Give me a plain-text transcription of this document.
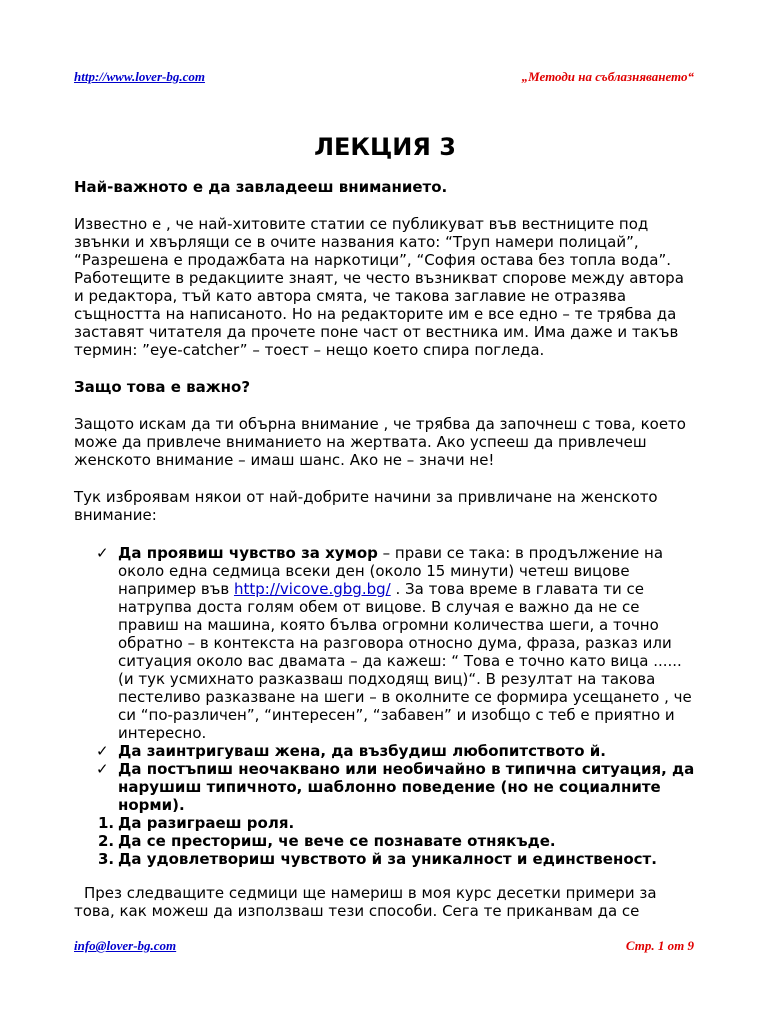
http://www.lover-bg.com	„Методи на съблазняването“
ЛЕКЦИЯ 3

Най-важното е да завладееш вниманието.

Известно е , че най-хитовите статии се публикуват във вестниците под звънки и хвърлящи се в очите названия като: “Труп намери полицай”, “Разрешена е продажбата на наркотици”, “София остава без топла вода”. Работещите в редакциите знаят, че често възникват спорове между автора и редактора, тъй като автора смята, че такова заглавие не отразява същността на написаното. Но на редакторите им е все едно – те трябва да заставят читателя да прочете поне част от вестника им. Има даже и такъв термин: ”eye-catcher” – тоест – нещо което спира погледа.

Защо това е важно?

Защото искам да ти обърна внимание , че трябва да започнеш с това, което може да привлече вниманието на жертвата. Ако успееш да привлечеш женското внимание – имаш шанс. Ако не – значи не!

Тук изброявам някои от най-добрите начини за привличане на женското внимание:

✓ Да проявиш чувство за хумор – прави се така: в продължение на около една седмица всеки ден (около 15 минути) четеш вицове например във http://vicove.gbg.bg/ . За това време в главата ти се натрупва доста голям обем от вицове. В случая е важно да не се правиш на машина, която бълва огромни количества шеги, а точно обратно – в контекста на разговора относно дума, фраза, разказ или ситуация около вас двамата – да кажеш: “ Това е точно като вица ......(и тук усмихнато разказваш подходящ виц)“. В резултат на такова пестеливо разказване на шеги – в околните се формира усещането , че си “по-различен”, “интересен”, “забавен” и изобщо с теб е приятно и интересно.
✓ Да заинтригуваш жена, да възбудиш любопитството й.
✓ Да постъпиш неочаквано или необичайно в типична ситуация, да нарушиш типичното, шаблонно поведение (но не социалните норми).
1. Да разиграеш роля.
2. Да се престориш, че вече се познавате отнякъде.
3. Да удовлетвориш чувството й за уникалност и единственост.

През следващите седмици ще намериш в моя курс десетки примери за това, как можеш да използваш тези способи. Сега те приканвам да се

info@lover-bg.com	Стр. 1 от 9
